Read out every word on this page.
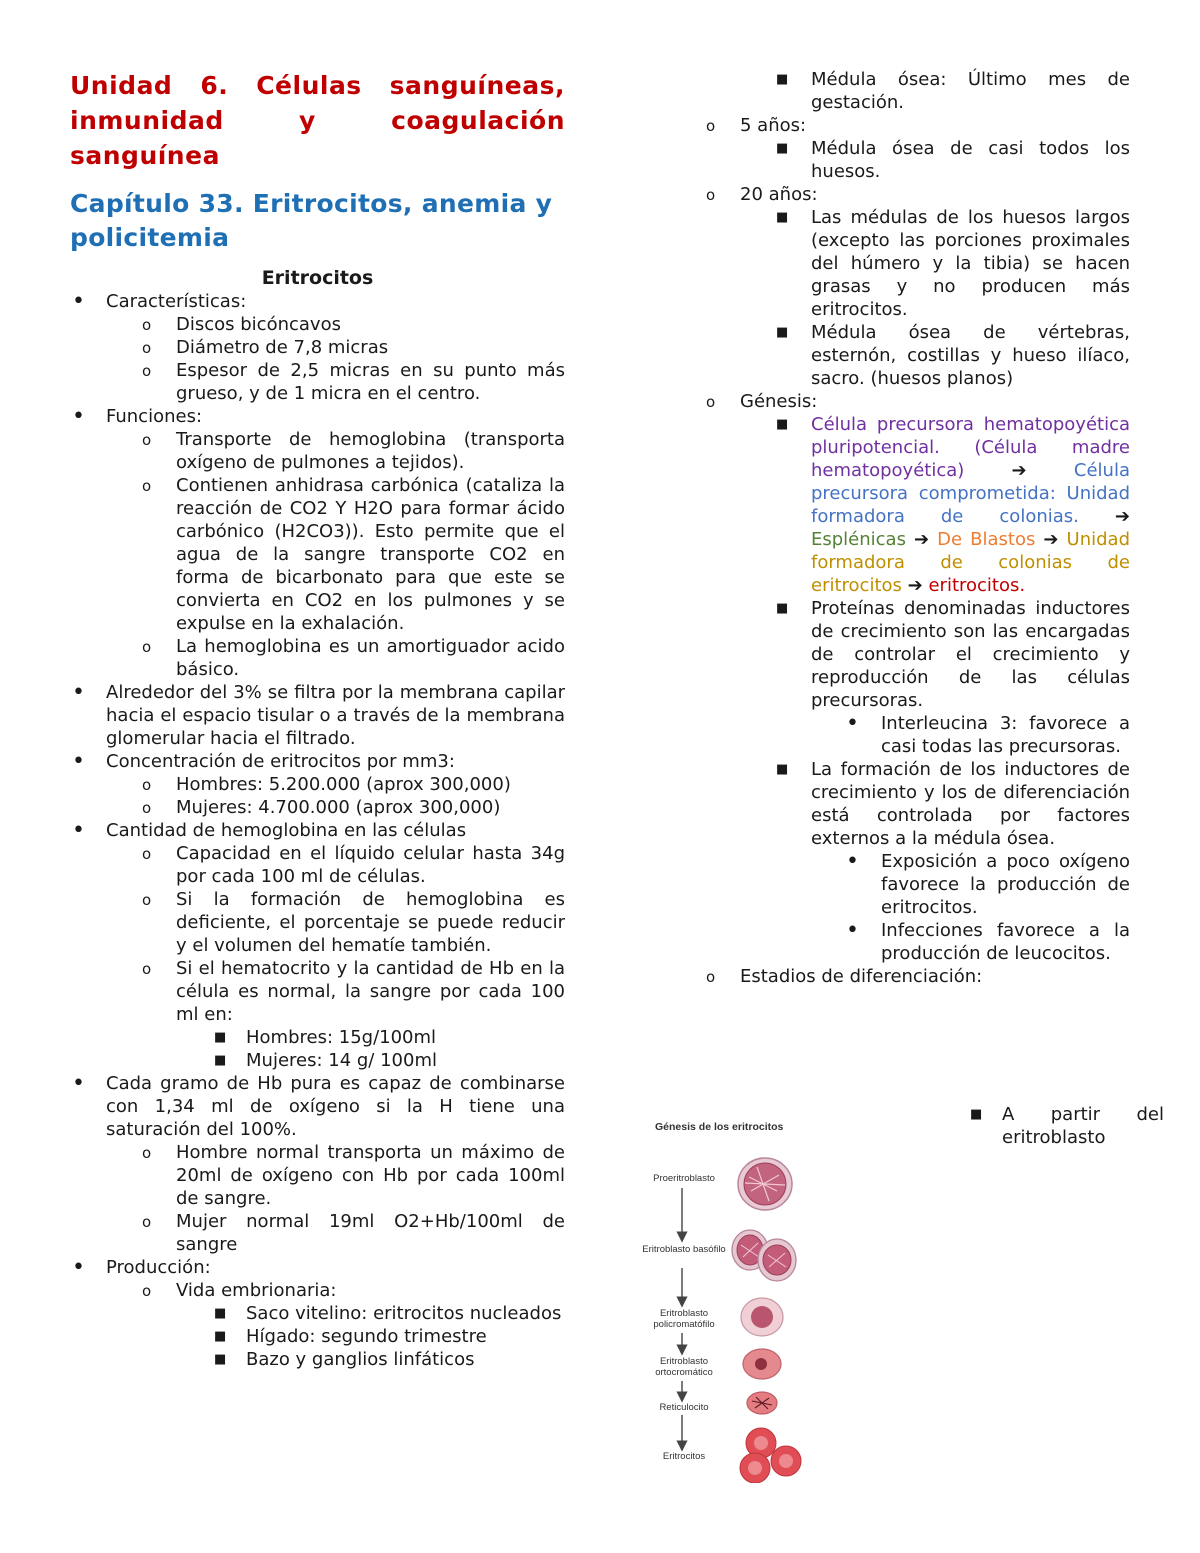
Unidad 6. Células sanguíneas, inmunidad y coagulación sanguínea

Capítulo 33. Eritrocitos, anemia y policitemia

Eritrocitos

• Características:
o Discos bicóncavos
o Diámetro de 7,8 micras
o Espesor de 2,5 micras en su punto más grueso, y de 1 micra en el centro.
• Funciones:
o Transporte de hemoglobina (transporta oxígeno de pulmones a tejidos).
o Contienen anhidrasa carbónica (cataliza la reacción de CO2 Y H2O para formar ácido carbónico (H2CO3)). Esto permite que el agua de la sangre transporte CO2 en forma de bicarbonato para que este se convierta en CO2 en los pulmones y se expulse en la exhalación.
o La hemoglobina es un amortiguador acido básico.
• Alrededor del 3% se filtra por la membrana capilar hacia el espacio tisular o a través de la membrana glomerular hacia el filtrado.
• Concentración de eritrocitos por mm3:
o Hombres: 5.200.000 (aprox 300,000)
o Mujeres: 4.700.000 (aprox 300,000)
• Cantidad de hemoglobina en las células
o Capacidad en el líquido celular hasta 34g por cada 100 ml de células.
o Si la formación de hemoglobina es deficiente, el porcentaje se puede reducir y el volumen del hematíe también.
o Si el hematocrito y la cantidad de Hb en la célula es normal, la sangre por cada 100 ml en:
■ Hombres: 15g/100ml
■ Mujeres: 14 g/ 100ml
• Cada gramo de Hb pura es capaz de combinarse con 1,34 ml de oxígeno si la H tiene una saturación del 100%.
o Hombre normal transporta un máximo de 20ml de oxígeno con Hb por cada 100ml de sangre.
o Mujer normal 19ml O2+Hb/100ml de sangre
• Producción:
o Vida embrionaria:
■ Saco vitelino: eritrocitos nucleados
■ Hígado: segundo trimestre
■ Bazo y ganglios linfáticos
■ Médula ósea: Último mes de gestación.
o 5 años:
■ Médula ósea de casi todos los huesos.
o 20 años:
■ Las médulas de los huesos largos (excepto las porciones proximales del húmero y la tibia) se hacen grasas y no producen más eritrocitos.
■ Médula ósea de vértebras, esternón, costillas y hueso ilíaco, sacro. (huesos planos)
o Génesis:
■ Célula precursora hematopoyética pluripotencial. (Célula madre hematopoyética)	➔	Célula precursora comprometida: Unidad formadora de colonias. ➔ Esplénicas ➔ De Blastos ➔ Unidad formadora de colonias de eritrocitos ➔ eritrocitos.
■ Proteínas denominadas inductores de crecimiento son las encargadas de controlar el crecimiento y reproducción de las células precursoras.
• Interleucina 3: favorece a casi todas las precursoras.
■ La formación de los inductores de crecimiento y los de diferenciación está controlada por factores externos a la médula ósea.
• Exposición a poco oxígeno favorece la producción de eritrocitos.
• Infecciones favorece a la producción de leucocitos.
o Estadios de diferenciación:
■ A partir del eritroblasto
Génesis de los eritrocitos
Proeritroblasto
Eritroblasto basófilo
Eritroblasto policromatófilo
Eritroblasto ortocromático
Reticulocito
Eritrocitos
